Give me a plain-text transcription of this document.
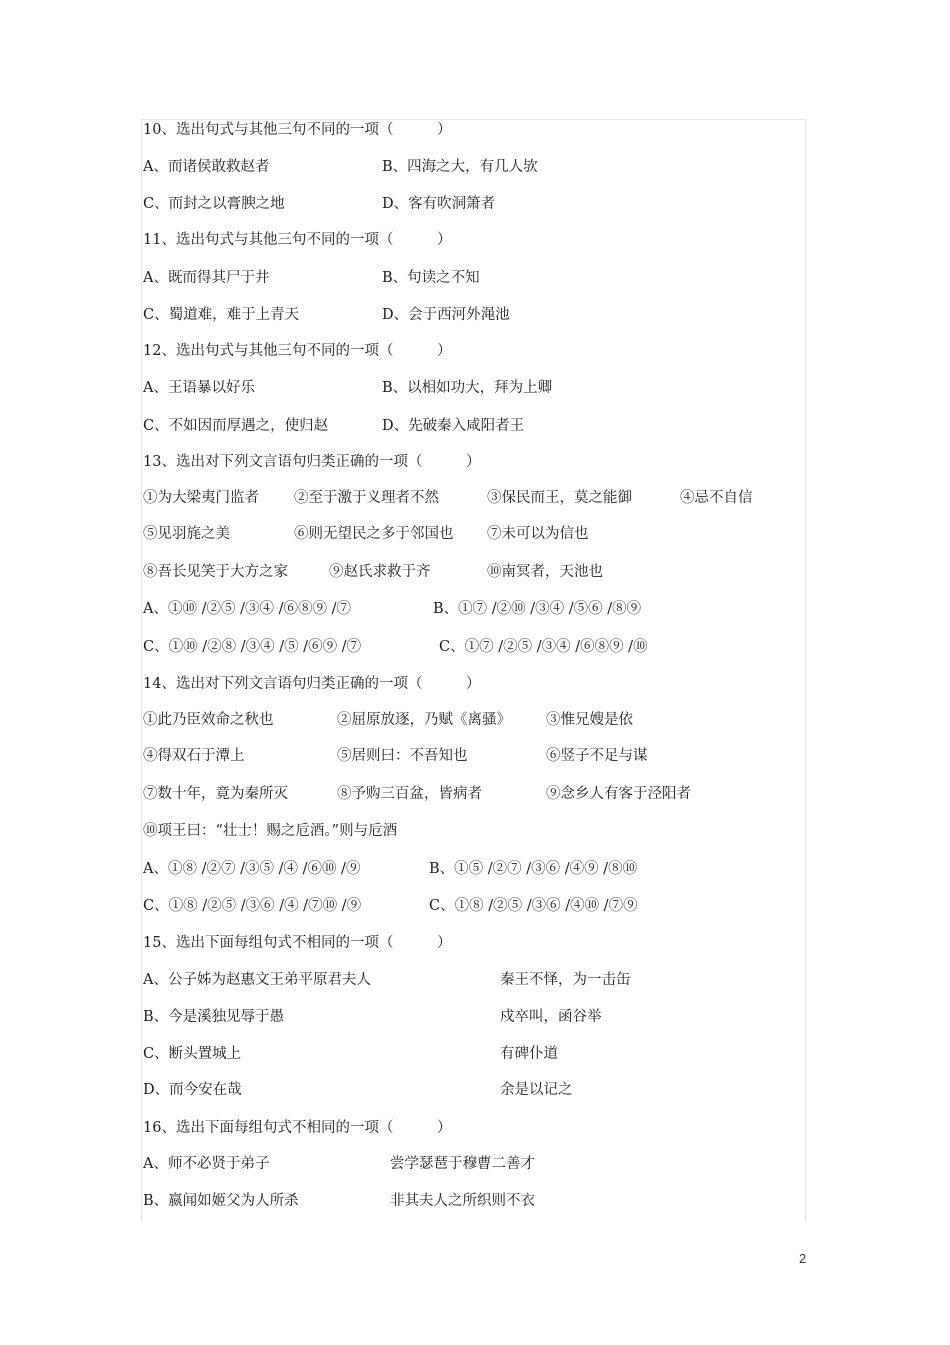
10、选出句式与其他三句不同的一项（　　　）
A、而诸侯敢救赵者	B、四海之大，有几人欤
C、而封之以膏腴之地	D、客有吹洞箫者
11、选出句式与其他三句不同的一项（　　　）
A、既而得其尸于井	B、句读之不知
C、蜀道难，难于上青天	D、会于西河外渑池
12、选出句式与其他三句不同的一项（　　　）
A、王语暴以好乐	B、以相如功大，拜为上卿
C、不如因而厚遇之，使归赵	D、先破秦入咸阳者王
13、选出对下列文言语句归类正确的一项（　　　）
①为大梁夷门监者 ②至于激于义理者不然	③保民而王，莫之能御	④忌不自信
⑤见羽旄之美	⑥则无望民之多于邻国也 ⑦未可以为信也
⑧吾长见笑于大方之家	⑨赵氏求救于齐	⑩南冥者，天池也
A、①⑩ /②⑤ /③④ /⑥⑧⑨ /⑦	B、①⑦ /②⑩ /③④ /⑤⑥ /⑧⑨
C、①⑩ /②⑧ /③④ /⑤ /⑥⑨ /⑦	C、①⑦ /②⑤ /③④ /⑥⑧⑨ /⑩
14、选出对下列文言语句归类正确的一项（　　　）
①此乃臣效命之秋也	②屈原放逐，乃赋《离骚》 ③惟兄嫂是依
④得双石于潭上	⑤居则曰：不吾知也	⑥竖子不足与谋
⑦数十年，竟为秦所灭	⑧予购三百盆，皆病者	⑨念乡人有客于泾阳者
⑩项王曰：“壮士！赐之卮酒。”则与卮酒
A、①⑧ /②⑦ /③⑤ /④ /⑥⑩ /⑨	B、①⑤ /②⑦ /③⑥ /④⑨ /⑧⑩
C、①⑧ /②⑤ /③⑥ /④ /⑦⑩ /⑨	C、①⑧ /②⑤ /③⑥ /④⑩ /⑦⑨
15、选出下面每组句式不相同的一项（　　　）
A、公子姊为赵惠文王弟平原君夫人	秦王不怿，为一击缶
B、今是溪独见辱于愚	戍卒叫，函谷举
C、断头置城上	有碑仆道
D、而今安在哉	余是以记之
16、选出下面每组句式不相同的一项（　　　）
A、师不必贤于弟子	尝学瑟琶于穆曹二善才
B、嬴闻如姬父为人所杀	非其夫人之所织则不衣
2
